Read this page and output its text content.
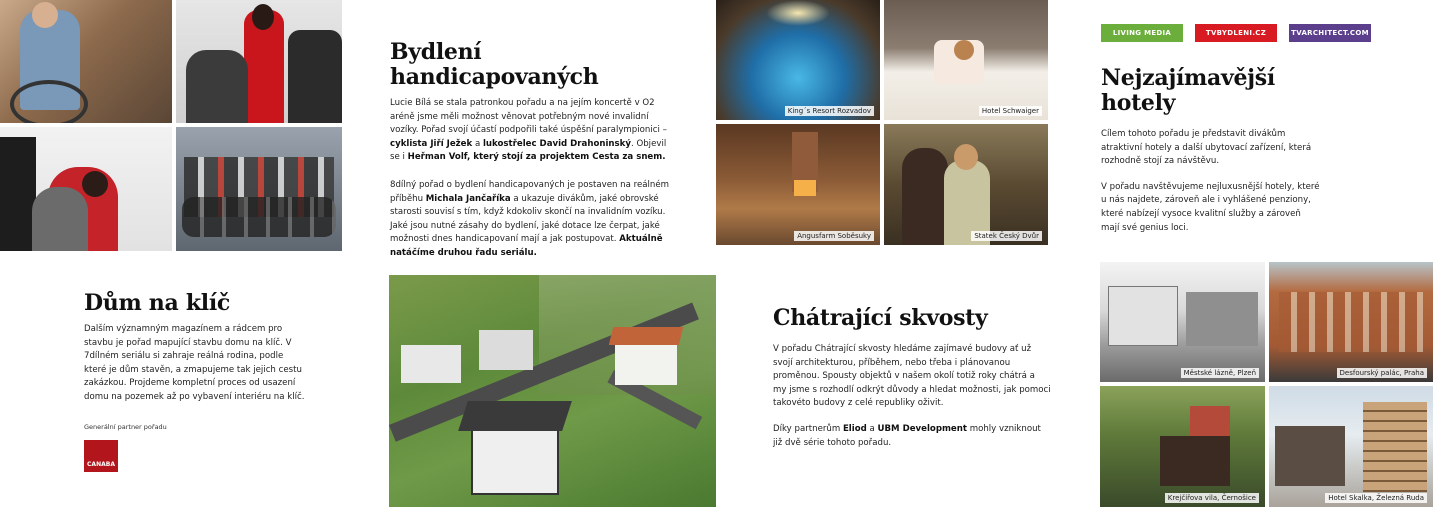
Bydlení
handicapovaných

Lucie Bílá se stala patronkou pořadu a na jejím koncertě v O2 aréně jsme měli možnost věnovat potřebným nové invalidní vozíky. Pořad svojí účastí podpořili také úspěšní paralympionici – cyklista Jiří Ježek a lukostřelec David Drahoninský. Objevil se i Heřman Volf, který stojí za projektem Cesta za snem.

8dílný pořad o bydlení handicapovaných je postaven na reálném příběhu Michala Jančaříka a ukazuje divákům, jaké obrovské starosti souvisí s tím, když kdokoliv skončí na invalidním vozíku. Jaké jsou nutné zásahy do bydlení, jaké dotace lze čerpat, jaké možnosti dnes handicapovaní mají a jak postupovat. Aktuálně natáčíme druhou řadu seriálu.

King´s Resort Rozvadov	Hotel Schwaiger
Angusfarm Soběsuky	Statek Český Dvůr
LIVING MEDIA	TVBYDLENI.CZ	TVARCHITECT.COM
Nejzajímavější
hotely

Cílem tohoto pořadu je představit divákům atraktivní hotely a další ubytovací zařízení, která rozhodně stojí za návštěvu.

V pořadu navštěvujeme nejluxusnější hotely, které u nás najdete, zároveň ale i vyhlášené penziony, které nabízejí vysoce kvalitní služby a zároveň mají své genius loci.

Dům na klíč
Dalším významným magazínem a rádcem pro stavbu je pořad mapující stavbu domu na klíč. V 7dílném seriálu si zahraje reálná rodina, podle které je dům stavěn, a zmapujeme tak jejich cestu zakázkou. Projdeme kompletní proces od usazení domu na pozemek až po vybavení interiéru na klíč.
Generální partner pořadu
CANABA
Chátrající skvosty

V pořadu Chátrající skvosty hledáme zajímavé budovy ať už svojí architekturou, příběhem, nebo třeba i plánovanou proměnou. Spousty objektů v našem okolí totiž roky chátrá a my jsme s rozhodlí odkrýt důvody a hledat možnosti, jak pomoci takovéto budovy z celé republiky oživit.

Díky partnerům Eliod a UBM Development mohly vzniknout již dvě série tohoto pořadu.

Městské lázně, Plzeň	Desfourský palác, Praha
Krejčířova vila, Černošice	Hotel Skalka, Železná Ruda
